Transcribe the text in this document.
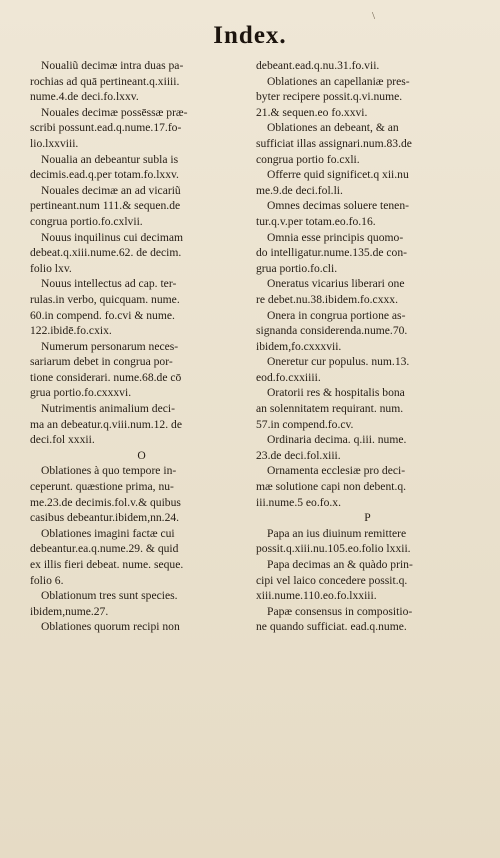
\
Index.
Noualiũ decimæ intra duas pa-
rochias ad quā pertineant.q.xiiii.
nume.4.de deci.fo.lxxv.
Nouales decimæ possēssæ præ-
scribi possunt.ead.q.nume.17.fo-
lio.lxxviii.
Noualia an debeantur subla is
decimis.ead.q.per totam.fo.lxxv.
Nouales decimæ an ad vicariũ
pertineant.num 111.& sequen.de
congrua portio.fo.cxlvii.
Nouus inquilinus cui decimam
debeat.q.xiii.nume.62. de decim.
folio lxv.
Nouus intellectus ad cap. ter-
rulas.in verbo, quicquam. nume.
60.in compend. fo.cvi & nume.
122.ibidē.fo.cxix.
Numerum personarum neces-
sariarum debet in congrua por-
tione considerari. nume.68.de cō
grua portio.fo.cxxxvi.
Nutrimentis animalium deci-
ma an debeatur.q.viii.num.12. de
deci.fol xxxii.
O
Oblationes à quo tempore in-
ceperunt. quæstione prima, nu-
me.23.de decimis.fol.v.& quibus
casibus debeantur.ibidem,nn.24.
Oblationes imagini factæ cui
debeantur.ea.q.nume.29. & quid
ex illis fieri debeat. nume. seque.
folio 6.
Oblationum tres sunt species.
ibidem,nume.27.
Oblationes quorum recipi non
debeant.ead.q.nu.31.fo.vii.
Oblationes an capellaniæ pres-
byter recipere possit.q.vi.nume.
21.& sequen.eo fo.xxvi.
Oblationes an debeant, & an
sufficiat illas assignari.num.83.de
congrua portio fo.cxli.
Offerre quid significet.q xii.nu
me.9.de deci.fol.li.
Omnes decimas soluere tenen-
tur.q.v.per totam.eo.fo.16.
Omnia esse principis quomo-
do intelligatur.nume.135.de con-
grua portio.fo.cli.
Oneratus vicarius liberari one
re debet.nu.38.ibidem.fo.cxxx.
Onera in congrua portione as-
signanda considerenda.nume.70.
ibidem,fo.cxxxvii.
Oneretur cur populus. num.13.
eod.fo.cxxiiii.
Oratorii res & hospitalis bona
an solennitatem requirant. num.
57.in compend.fo.cv.
Ordinaria decima. q.iii. nume.
23.de deci.fol.xiii.
Ornamenta ecclesiæ pro deci-
mæ solutione capi non debent.q.
iii.nume.5 eo.fo.x.
P
Papa an ius diuinum remittere
possit.q.xiii.nu.105.eo.folio lxxii.
Papa decimas an & quàdo prin-
cipi vel laico concedere possit.q.
xiii.nume.110.eo.fo.lxxiii.
Papæ consensus in compositio-
ne quando sufficiat. ead.q.nume.
